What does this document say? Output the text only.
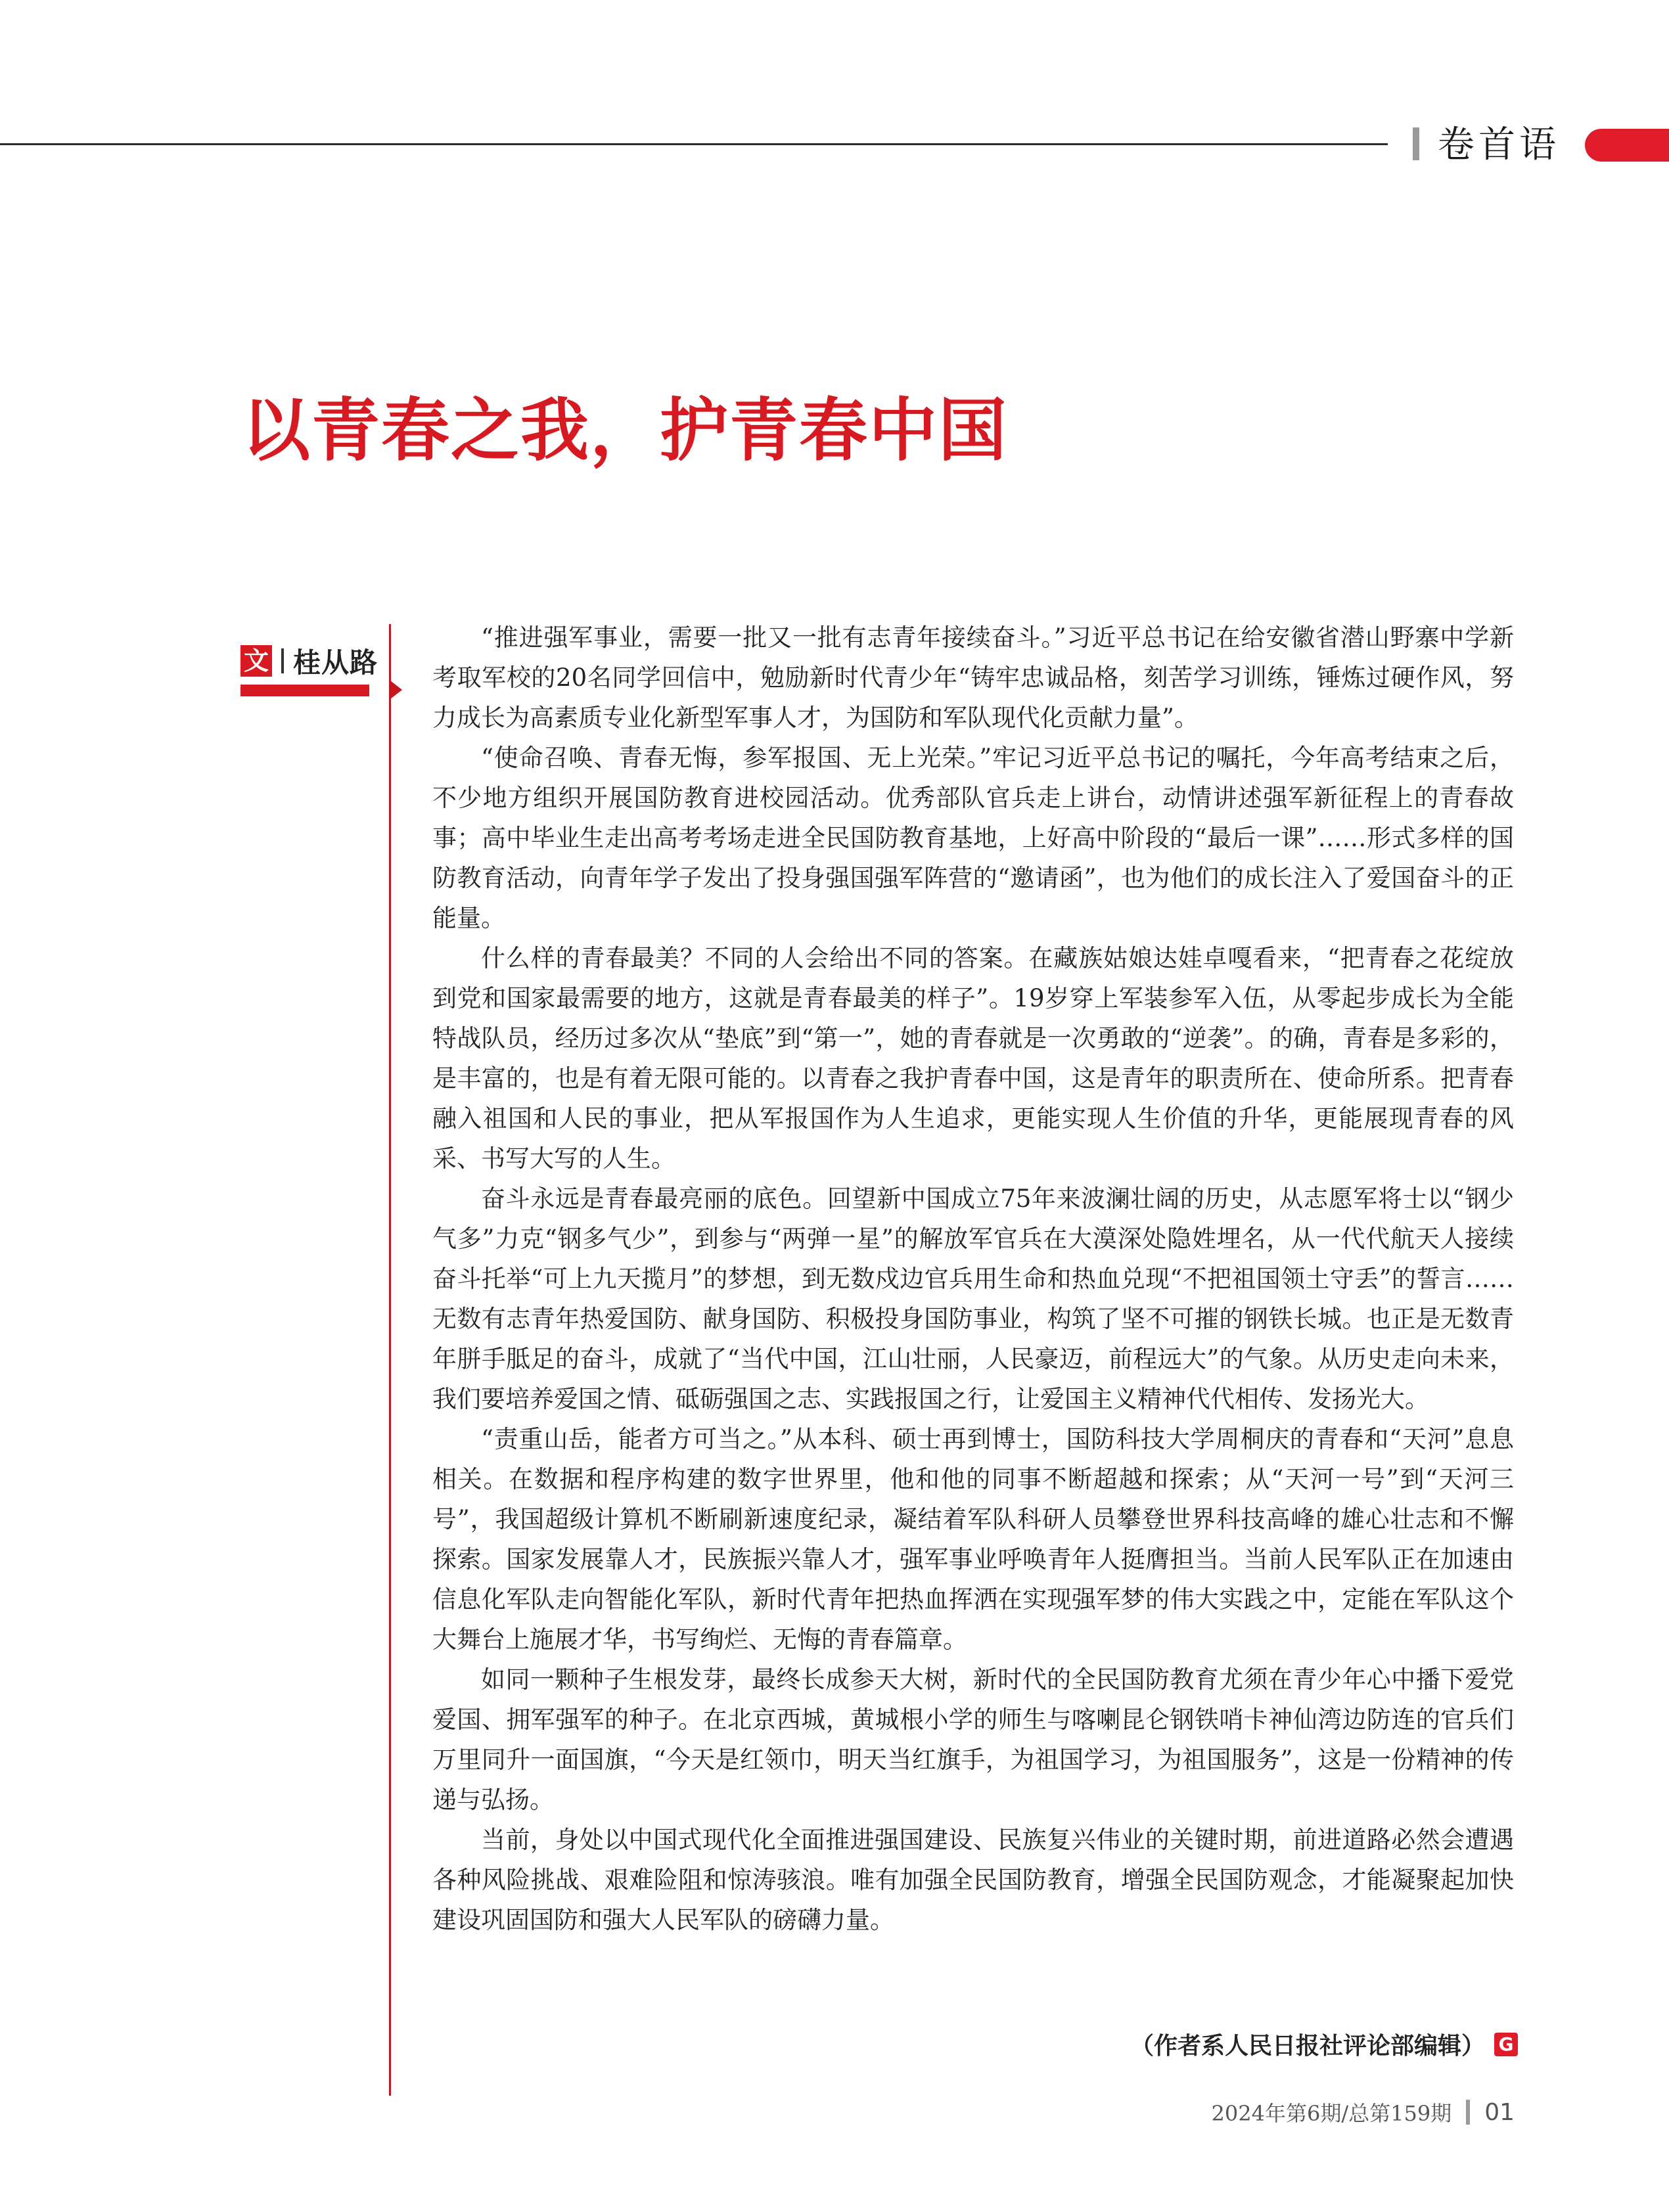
卷首语
以青春之我，护青春中国
文 桂从路

“推进强军事业，需要一批又一批有志青年接续奋斗。”习近平总书记在给安徽省潜山野寨中学新考取军校的20名同学回信中，勉励新时代青少年“铸牢忠诚品格，刻苦学习训练，锤炼过硬作风，努力成长为高素质专业化新型军事人才，为国防和军队现代化贡献力量”。

“使命召唤、青春无悔，参军报国、无上光荣。”牢记习近平总书记的嘱托，今年高考结束之后，不少地方组织开展国防教育进校园活动。优秀部队官兵走上讲台，动情讲述强军新征程上的青春故事；高中毕业生走出高考考场走进全民国防教育基地，上好高中阶段的“最后一课”……形式多样的国防教育活动，向青年学子发出了投身强国强军阵营的“邀请函”，也为他们的成长注入了爱国奋斗的正能量。

什么样的青春最美？不同的人会给出不同的答案。在藏族姑娘达娃卓嘎看来，“把青春之花绽放到党和国家最需要的地方，这就是青春最美的样子”。19岁穿上军装参军入伍，从零起步成长为全能特战队员，经历过多次从“垫底”到“第一”，她的青春就是一次勇敢的“逆袭”。的确，青春是多彩的，是丰富的，也是有着无限可能的。以青春之我护青春中国，这是青年的职责所在、使命所系。把青春融入祖国和人民的事业，把从军报国作为人生追求，更能实现人生价值的升华，更能展现青春的风采、书写大写的人生。

奋斗永远是青春最亮丽的底色。回望新中国成立75年来波澜壮阔的历史，从志愿军将士以“钢少气多”力克“钢多气少”，到参与“两弹一星”的解放军官兵在大漠深处隐姓埋名，从一代代航天人接续奋斗托举“可上九天揽月”的梦想，到无数戍边官兵用生命和热血兑现“不把祖国领土守丢”的誓言……无数有志青年热爱国防、献身国防、积极投身国防事业，构筑了坚不可摧的钢铁长城。也正是无数青年胼手胝足的奋斗，成就了“当代中国，江山壮丽，人民豪迈，前程远大”的气象。从历史走向未来，我们要培养爱国之情、砥砺强国之志、实践报国之行，让爱国主义精神代代相传、发扬光大。

“责重山岳，能者方可当之。”从本科、硕士再到博士，国防科技大学周桐庆的青春和“天河”息息相关。在数据和程序构建的数字世界里，他和他的同事不断超越和探索；从“天河一号”到“天河三号”，我国超级计算机不断刷新速度纪录，凝结着军队科研人员攀登世界科技高峰的雄心壮志和不懈探索。国家发展靠人才，民族振兴靠人才，强军事业呼唤青年人挺膺担当。当前人民军队正在加速由信息化军队走向智能化军队，新时代青年把热血挥洒在实现强军梦的伟大实践之中，定能在军队这个大舞台上施展才华，书写绚烂、无悔的青春篇章。

如同一颗种子生根发芽，最终长成参天大树，新时代的全民国防教育尤须在青少年心中播下爱党爱国、拥军强军的种子。在北京西城，黄城根小学的师生与喀喇昆仑钢铁哨卡神仙湾边防连的官兵们万里同升一面国旗，“今天是红领巾，明天当红旗手，为祖国学习，为祖国服务”，这是一份精神的传递与弘扬。

当前，身处以中国式现代化全面推进强国建设、民族复兴伟业的关键时期，前进道路必然会遭遇各种风险挑战、艰难险阻和惊涛骇浪。唯有加强全民国防教育，增强全民国防观念，才能凝聚起加快建设巩固国防和强大人民军队的磅礴力量。

（作者系人民日报社评论部编辑） G
2024年第6期/总第159期 01
